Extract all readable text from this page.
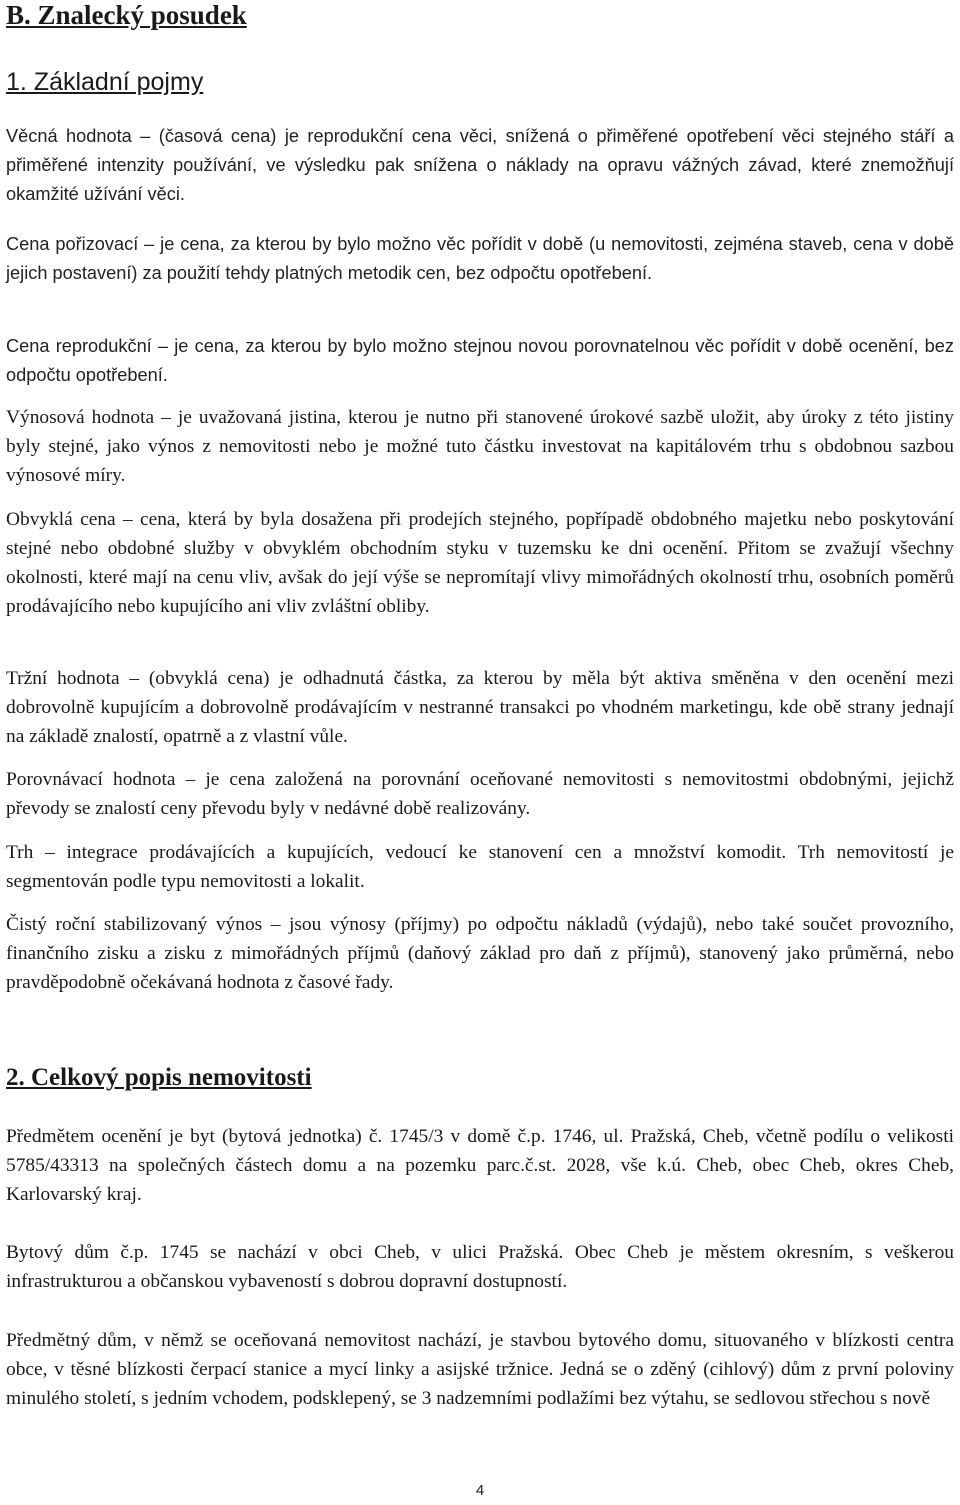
B. Znalecký posudek
1. Základní pojmy

Věcná hodnota – (časová cena) je reprodukční cena věci, snížená o přiměřené opotřebení věci stejného stáří a přiměřené intenzity používání, ve výsledku pak snížena o náklady na opravu vážných závad, které znemožňují okamžité užívání věci.

Cena pořizovací – je cena, za kterou by bylo možno věc pořídit v době (u nemovitosti, zejména staveb, cena v době jejich postavení) za použití tehdy platných metodik cen, bez odpočtu opotřebení.

Cena reprodukční – je cena, za kterou by bylo možno stejnou novou porovnatelnou věc pořídit v době ocenění, bez odpočtu opotřebení.

Výnosová hodnota – je uvažovaná jistina, kterou je nutno při stanovené úrokové sazbě uložit, aby úroky z této jistiny byly stejné, jako výnos z nemovitosti nebo je možné tuto částku investovat na kapitálovém trhu s obdobnou sazbou výnosové míry.

Obvyklá cena – cena, která by byla dosažena při prodejích stejného, popřípadě obdobného majetku nebo poskytování stejné nebo obdobné služby v obvyklém obchodním styku v tuzemsku ke dni ocenění. Přitom se zvažují všechny okolnosti, které mají na cenu vliv, avšak do její výše se nepromítají vlivy mimořádných okolností trhu, osobních poměrů prodávajícího nebo kupujícího ani vliv zvláštní obliby.

Tržní hodnota – (obvyklá cena) je odhadnutá částka, za kterou by měla být aktiva směněna v den ocenění mezi dobrovolně kupujícím a dobrovolně prodávajícím v nestranné transakci po vhodném marketingu, kde obě strany jednají na základě znalostí, opatrně a z vlastní vůle.

Porovnávací hodnota – je cena založená na porovnání oceňované nemovitosti s nemovitostmi obdobnými, jejichž převody se znalostí ceny převodu byly v nedávné době realizovány.

Trh – integrace prodávajících a kupujících, vedoucí ke stanovení cen a množství komodit. Trh nemovitostí je segmentován podle typu nemovitosti a lokalit.

Čistý roční stabilizovaný výnos – jsou výnosy (příjmy) po odpočtu nákladů (výdajů), nebo také součet provozního, finančního zisku a zisku z mimořádných příjmů (daňový základ pro daň z příjmů), stanovený jako průměrná, nebo pravděpodobně očekávaná hodnota z časové řady.

2. Celkový popis nemovitosti

Předmětem ocenění je byt (bytová jednotka) č. 1745/3 v domě č.p. 1746, ul. Pražská, Cheb, včetně podílu o velikosti 5785/43313 na společných částech domu a na pozemku parc.č.st. 2028, vše k.ú. Cheb, obec Cheb, okres Cheb, Karlovarský kraj.

Bytový dům č.p. 1745 se nachází v obci Cheb, v ulici Pražská. Obec Cheb je městem okresním, s veškerou infrastrukturou a občanskou vybaveností s dobrou dopravní dostupností.

Předmětný dům, v němž se oceňovaná nemovitost nachází, je stavbou bytového domu, situovaného v blízkosti centra obce, v těsné blízkosti čerpací stanice a mycí linky a asijské tržnice. Jedná se o zděný (cihlový) dům z první poloviny minulého století, s jedním vchodem, podsklepený, se 3 nadzemními podlažími bez výtahu, se sedlovou střechou s nově

4
